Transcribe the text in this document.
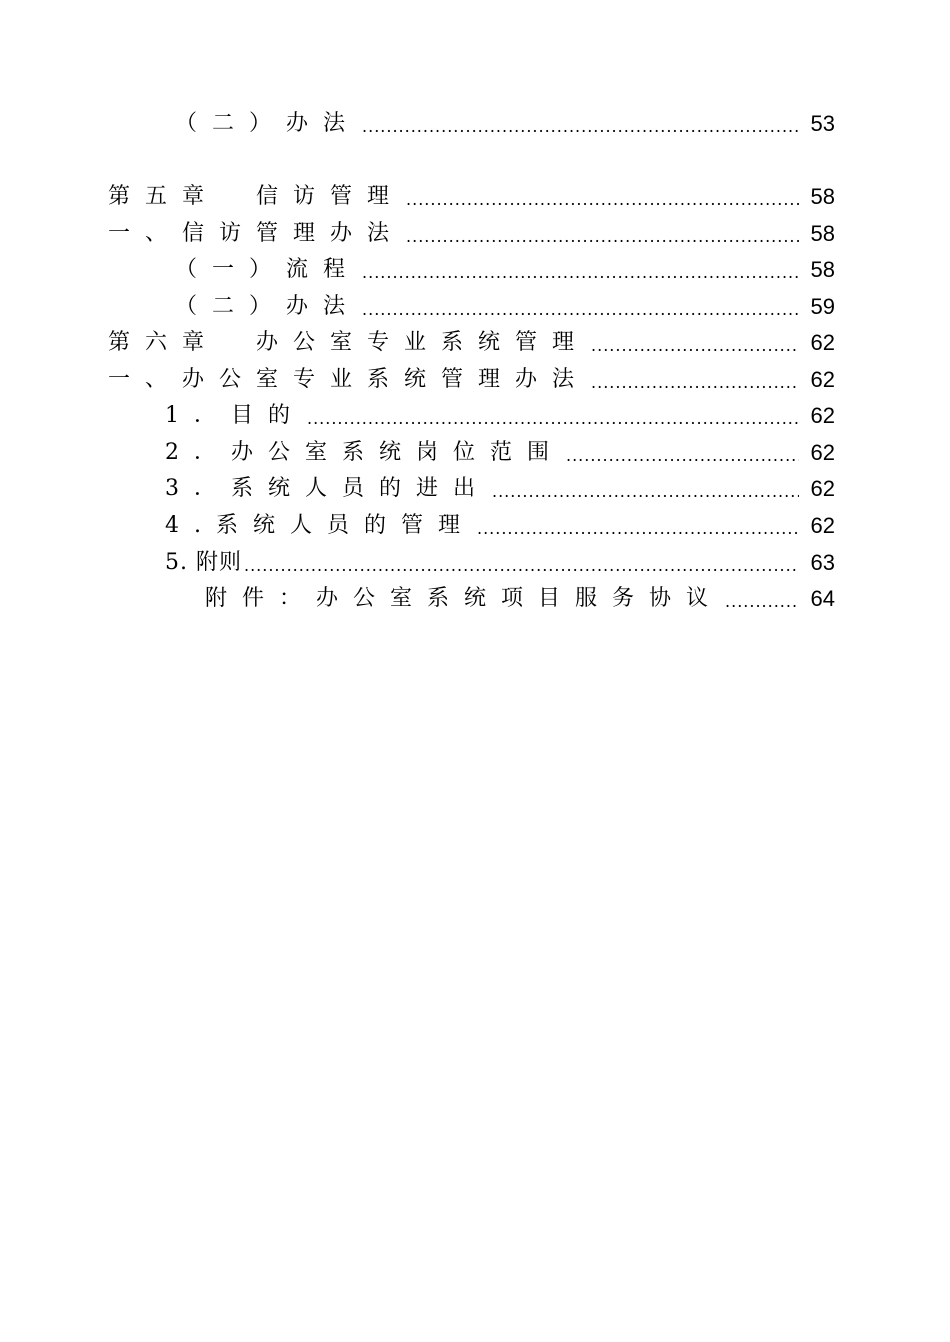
（二）办法 .....	53
第五章　信访管理 .....	58
一、信访管理办法 .....	58
（一）流程 .....	58
（二）办法 .....	59
第六章　办公室专业系统管理 .....	62
一、办公室专业系统管理办法 .....	62
1．目的 .....	62
2．办公室系统岗位范围 .....	62
3．系统人员的进出 .....	62
4.系统人员的管理 .....	62
5. 附则 .....	63
附件：办公室系统项目服务协议 .....	64
